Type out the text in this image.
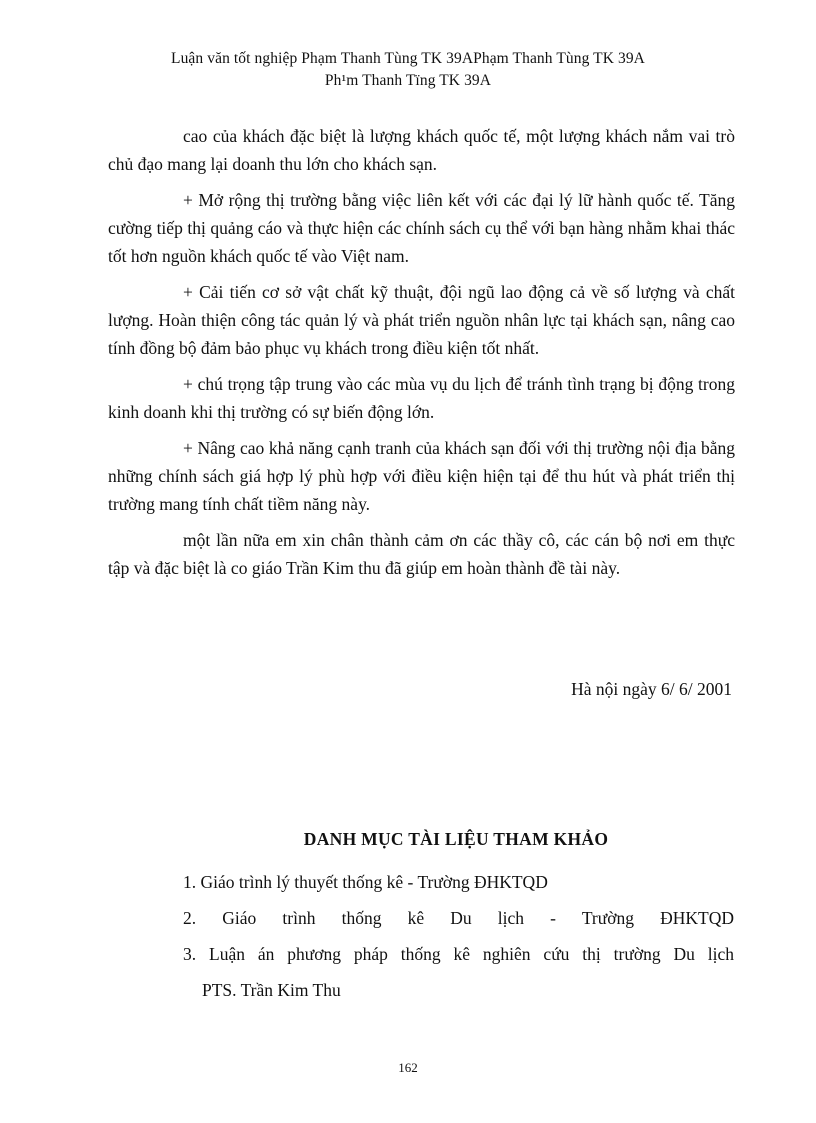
Luận văn tốt nghiệp Phạm Thanh Tùng TK 39APhạm Thanh Tùng TK 39A
Ph¹m Thanh Tïng TK 39A

cao của khách đặc biệt là lượng khách quốc tế, một lượng khách nắm vai trò chủ đạo mang lại doanh thu lớn cho khách sạn.

+ Mở rộng thị trường bằng việc liên kết với các đại lý lữ hành quốc tế. Tăng cường tiếp thị quảng cáo và thực hiện các chính sách cụ thể với bạn hàng nhằm khai thác tốt hơn nguồn khách quốc tế vào Việt nam.

+ Cải tiến cơ sở vật chất kỹ thuật, đội ngũ lao động cả về số lượng và chất lượng. Hoàn thiện công tác quản lý và phát triển nguồn nhân lực tại khách sạn, nâng cao tính đồng bộ đảm bảo phục vụ khách trong điều kiện tốt nhất.

+ chú trọng tập trung vào các mùa vụ du lịch để tránh tình trạng bị động trong kinh doanh khi thị trường có sự biến động lớn.

+ Nâng cao khả năng cạnh tranh của khách sạn đối với thị trường nội địa bằng những chính sách giá hợp lý phù hợp với điều kiện hiện tại để thu hút và phát triển thị trường mang tính chất tiềm năng này.

một lần nữa em xin chân thành cảm ơn các thầy cô, các cán bộ nơi em thực tập và đặc biệt là co giáo Trần Kim thu đã giúp em hoàn thành đề tài này.

Hà nội ngày 6/ 6/ 2001
DANH MỤC TÀI LIỆU THAM KHẢO
1. Giáo trình lý thuyết thống kê - Trường ĐHKTQD
2. Giáo trình thống kê Du lịch - Trường ĐHKTQD
3. Luận án phương pháp thống kê nghiên cứu thị trường Du lịch
PTS. Trần Kim Thu
162
